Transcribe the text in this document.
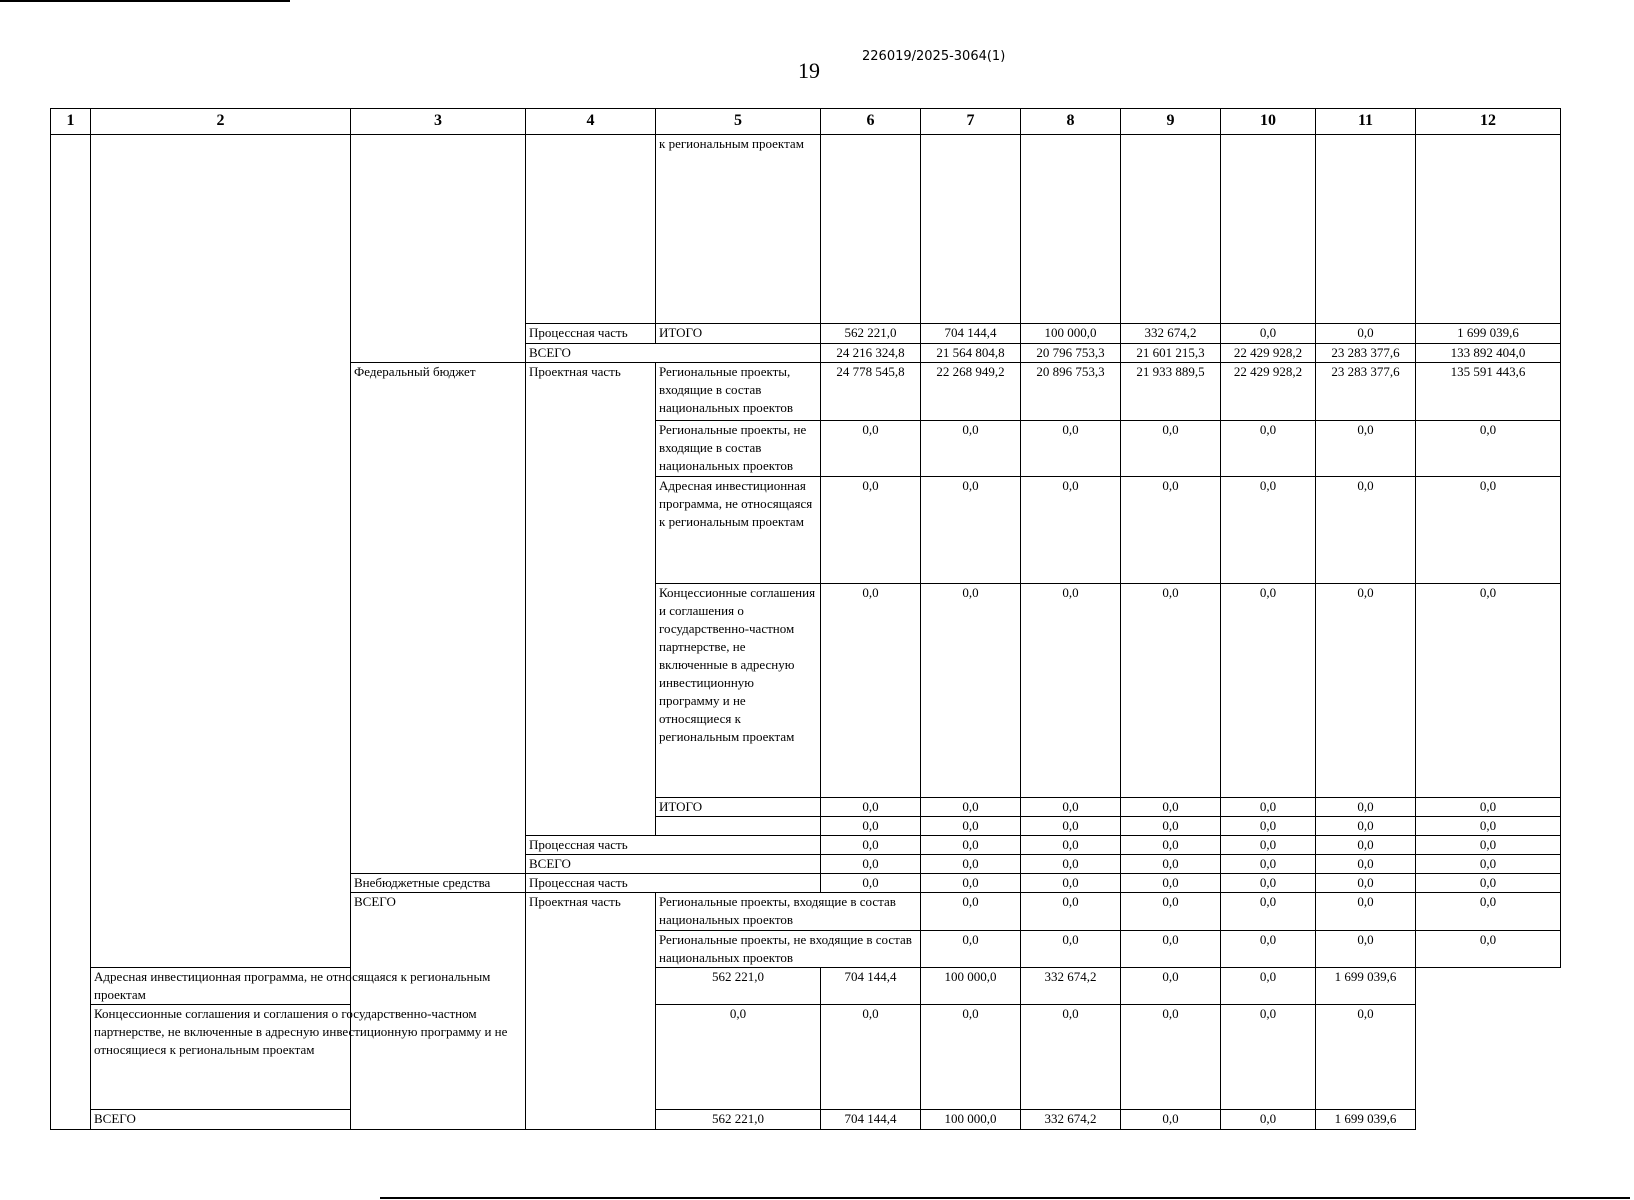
19
226019/2025-3064(1)
1	2	3	4	5	6	7	8	9	10	11	12	
				к региональным проектам								
			Процессная часть	ИТОГО	562 221,0	704 144,4	100 000,0	332 674,2	0,0	0,0	1 699 039,6	
			ВСЕГО		24 216 324,8	21 564 804,8	20 796 753,3	21 601 215,3	22 429 928,2	23 283 377,6	133 892 404,0	
		Федеральный бюджет	Проектная часть	Региональные проекты, входящие в состав национальных проектов	24 778 545,8	22 268 949,2	20 896 753,3	21 933 889,5	22 429 928,2	23 283 377,6	135 591 443,6	
				Региональные проекты, не входящие в состав национальных проектов	0,0	0,0	0,0	0,0	0,0	0,0	0,0	
				Адресная инвестиционная программа, не относящаяся к региональным проектам	0,0	0,0	0,0	0,0	0,0	0,0	0,0	
				Концессионные соглашения и соглашения о государственно-частном партнерстве, не включенные в адресную инвестиционную программу и не относящиеся к региональным проектам	0,0	0,0	0,0	0,0	0,0	0,0	0,0	
				ИТОГО	0,0	0,0	0,0	0,0	0,0	0,0	0,0	
					0,0	0,0	0,0	0,0	0,0	0,0	0,0	
			Процессная часть		0,0	0,0	0,0	0,0	0,0	0,0	0,0	
			ВСЕГО		0,0	0,0	0,0	0,0	0,0	0,0	0,0	
		Внебюджетные средства	Процессная часть		0,0	0,0	0,0	0,0	0,0	0,0	0,0	
		ВСЕГО	Проектная часть	Региональные проекты, входящие в состав национальных проектов		0,0	0,0	0,0	0,0	0,0	0,0	
				Региональные проекты, не входящие в состав национальных проектов		0,0	0,0	0,0	0,0	0,0	0,0	
	Адресная инвестиционная программа, не относящаяся к региональным проектам			562 221,0	704 144,4	100 000,0	332 674,2	0,0	0,0	1 699 039,6		
	Концессионные соглашения и соглашения о государственно-частном партнерстве, не включенные в адресную инвестиционную программу и не относящиеся к региональным проектам			0,0	0,0	0,0	0,0	0,0	0,0	0,0		
	ВСЕГО			562 221,0	704 144,4	100 000,0	332 674,2	0,0	0,0	1 699 039,6		
